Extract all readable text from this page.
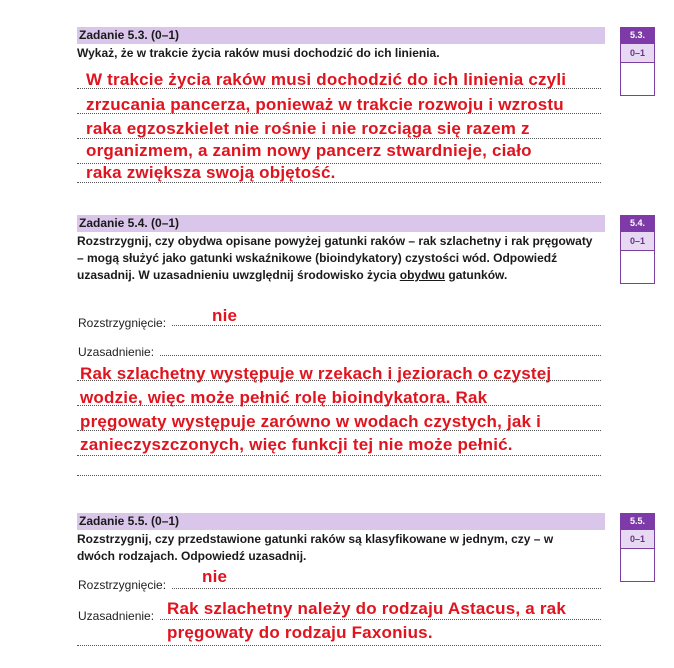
Zadanie 5.3. (0–1)
Wykaż, że w trakcie życia raków musi dochodzić do ich linienia.
W trakcie życia raków musi dochodzić do ich linienia czyli
zrzucania pancerza, ponieważ w trakcie rozwoju i wzrostu
raka egzoszkielet nie rośnie i nie rozciąga się razem z
organizmem, a zanim nowy pancerz stwardnieje, ciało
raka zwiększa swoją objętość.
5.3.
0–1
Zadanie 5.4. (0–1)
Rozstrzygnij, czy obydwa opisane powyżej gatunki raków – rak szlachetny i rak pręgowaty – mogą służyć jako gatunki wskaźnikowe (bioindykatory) czystości wód. Odpowiedź uzasadnij. W uzasadnieniu uwzględnij środowisko życia obydwu gatunków.
Rozstrzygnięcie:	nie
Uzasadnienie:
Rak szlachetny występuje w rzekach i jeziorach o czystej
wodzie, więc może pełnić rolę bioindykatora. Rak
pręgowaty występuje zarówno w wodach czystych, jak i
zanieczyszczonych, więc funkcji tej nie może pełnić.
5.4.
0–1
Zadanie 5.5. (0–1)
Rozstrzygnij, czy przedstawione gatunki raków są klasyfikowane w jednym, czy – w dwóch rodzajach. Odpowiedź uzasadnij.
Rozstrzygnięcie: nie
Uzasadnienie: Rak szlachetny należy do rodzaju Astacus, a rak
pręgowaty do rodzaju Faxonius.
5.5.
0–1
